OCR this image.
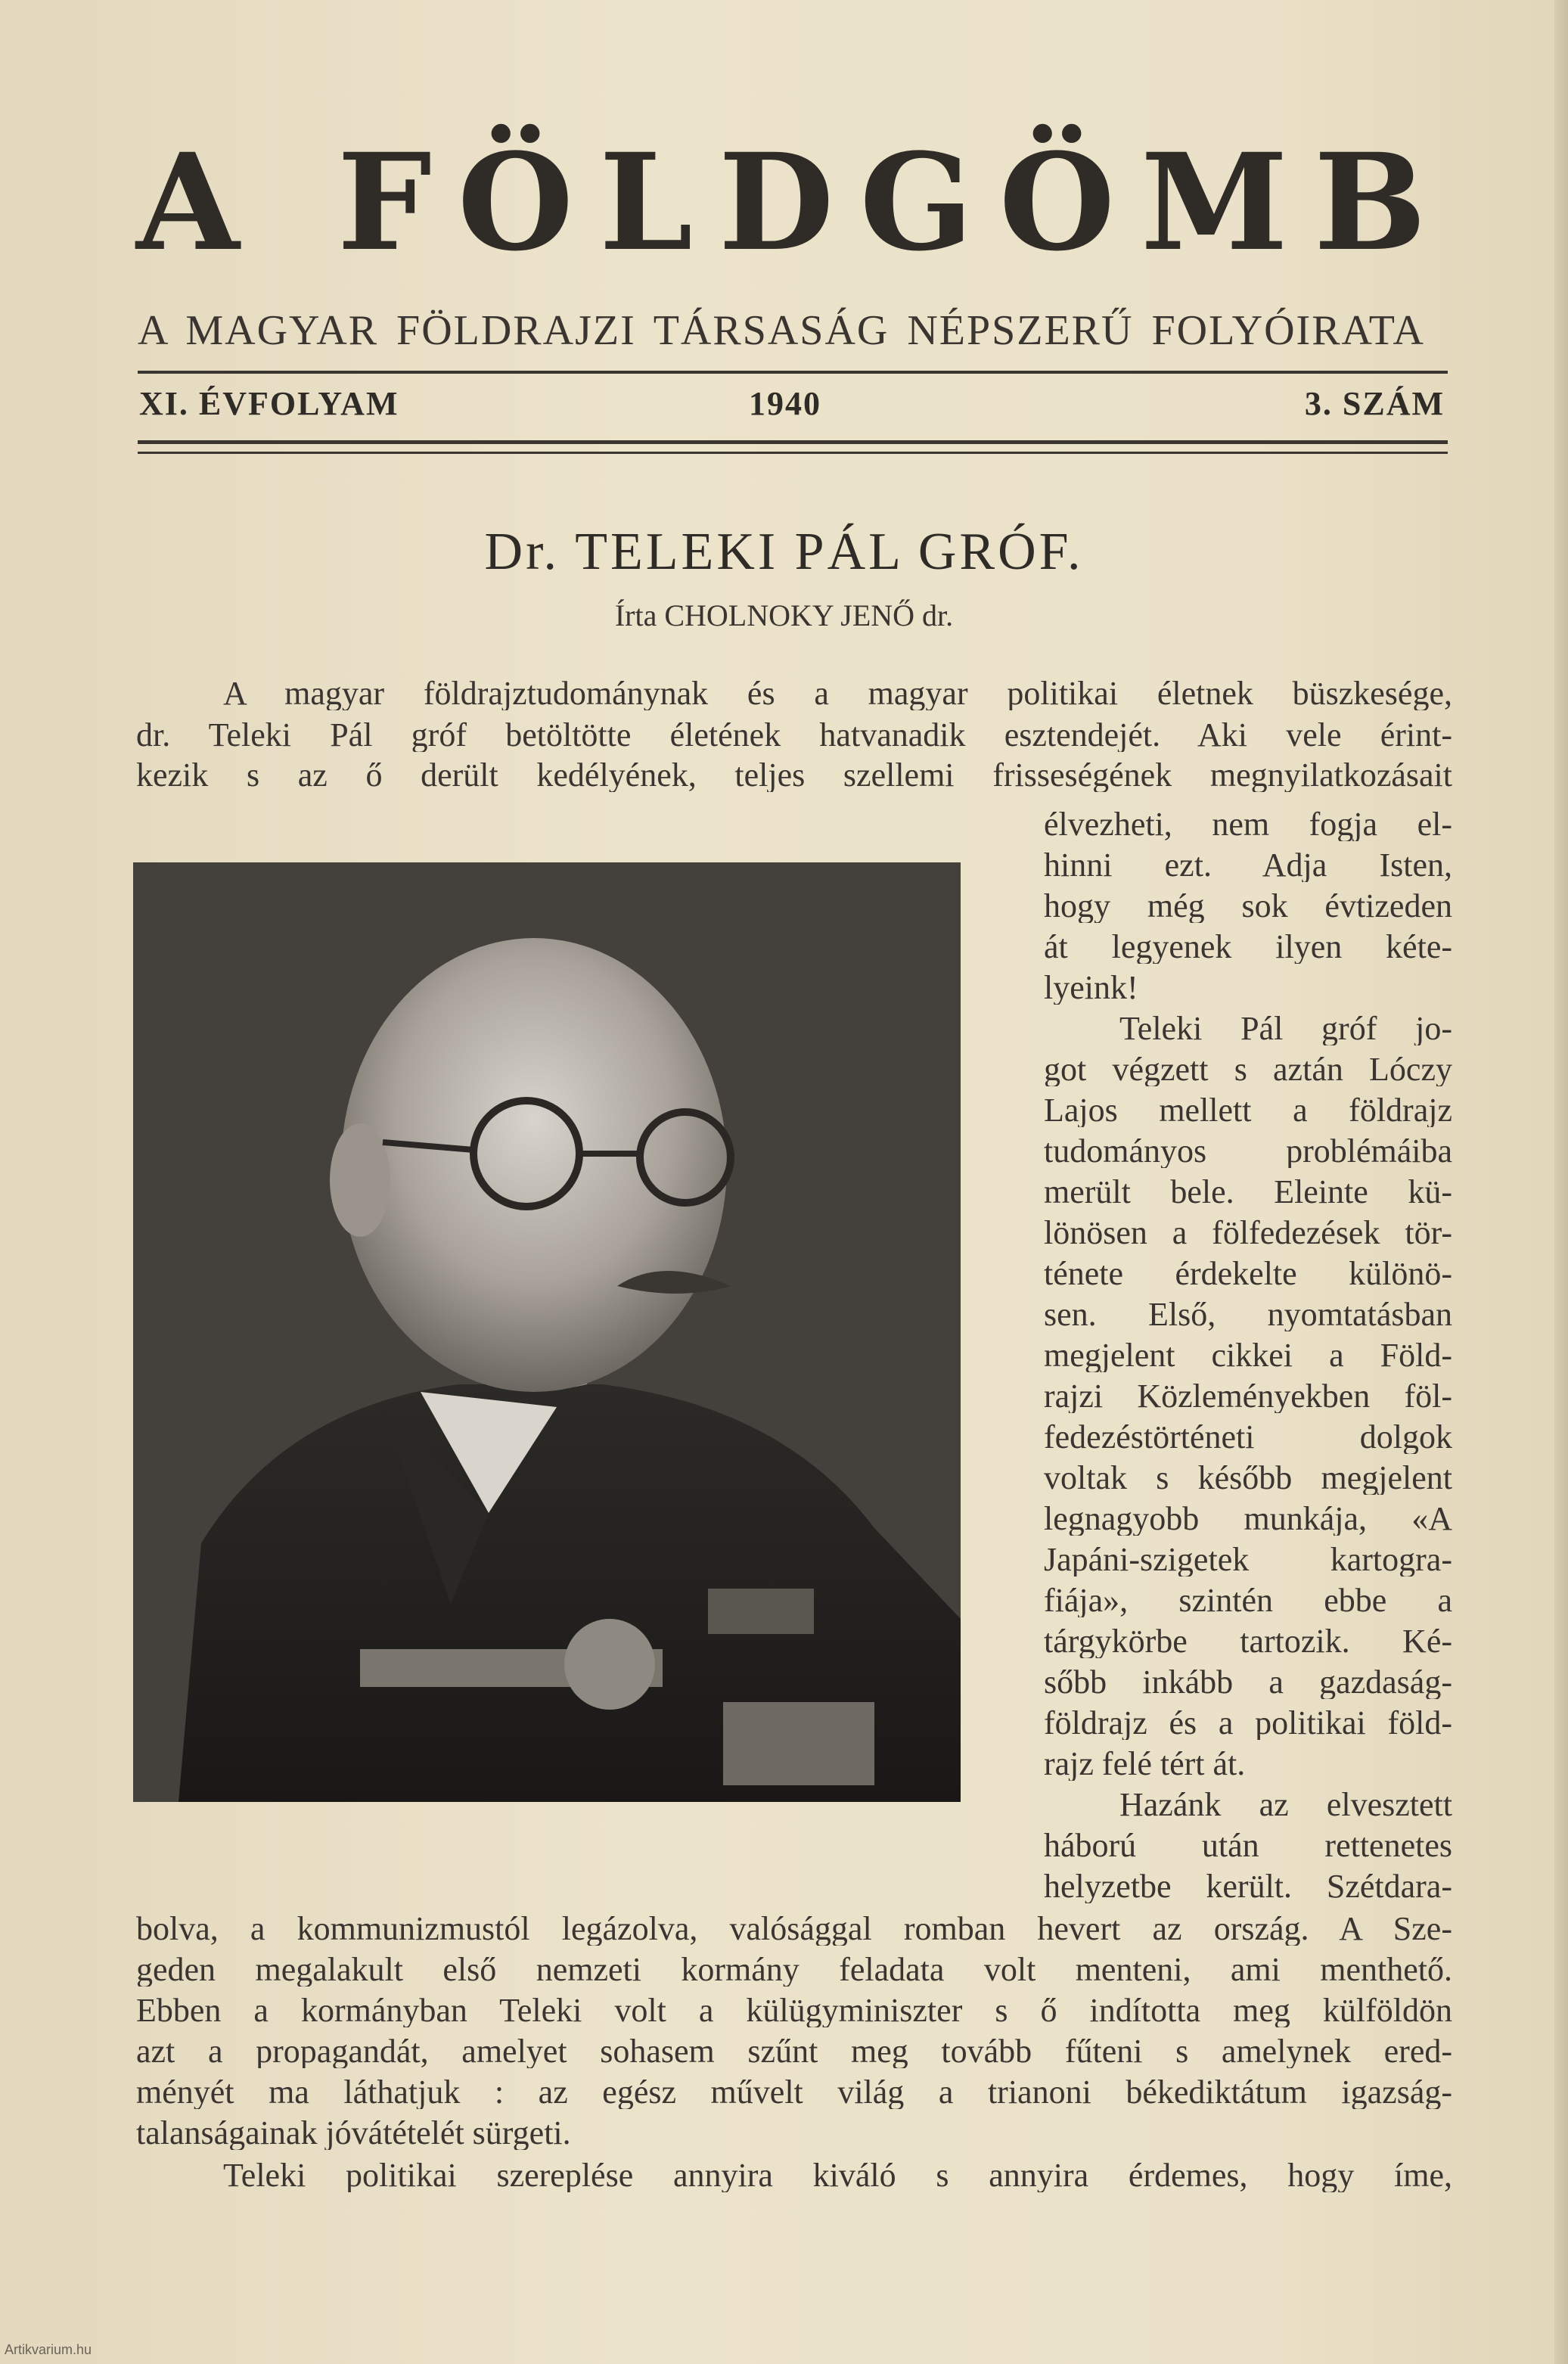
A FÖLDGÖMB
A MAGYAR FÖLDRAJZI TÁRSASÁG NÉPSZERŰ FOLYÓIRATA
XI. ÉVFOLYAM	1940	3. SZÁM
Dr. TELEKI PÁL GRÓF.
Írta CHOLNOKY JENŐ dr.
A magyar földrajztudománynak és a magyar politikai életnek büszkesége,
dr. Teleki Pál gróf betöltötte életének hatvanadik esztendejét. Aki vele érint-
kezik s az ő derült kedélyének, teljes szellemi frisseségének megnyilatkozásait
élvezheti, nem fogja el-
hinni ezt. Adja Isten,
hogy még sok évtizeden
át legyenek ilyen kéte-
lyeink!
Teleki Pál gróf jo-
got végzett s aztán Lóczy
Lajos mellett a földrajz
tudományos problémáiba
merült bele. Eleinte kü-
lönösen a fölfedezések tör-
ténete érdekelte különö-
sen. Első, nyomtatásban
megjelent cikkei a Föld-
rajzi Közleményekben föl-
fedezéstörténeti dolgok
voltak s később megjelent
legnagyobb munkája, «A
Japáni-szigetek kartogra-
fiája», szintén ebbe a
tárgykörbe tartozik. Ké-
sőbb inkább a gazdaság-
földrajz és a politikai föld-
rajz felé tért át.
Hazánk az elvesztett
háború után rettenetes
helyzetbe került. Szétdara-
bolva, a kommunizmustól legázolva, valósággal romban hevert az ország. A Sze-
geden megalakult első nemzeti kormány feladata volt menteni, ami menthető.
Ebben a kormányban Teleki volt a külügyminiszter s ő indította meg külföldön
azt a propagandát, amelyet sohasem szűnt meg tovább fűteni s amelynek ered-
ményét ma láthatjuk : az egész művelt világ a trianoni békediktátum igazság-
talanságainak jóvátételét sürgeti.
Teleki politikai szereplése annyira kiváló s annyira érdemes, hogy íme,
Artikvarium.hu
